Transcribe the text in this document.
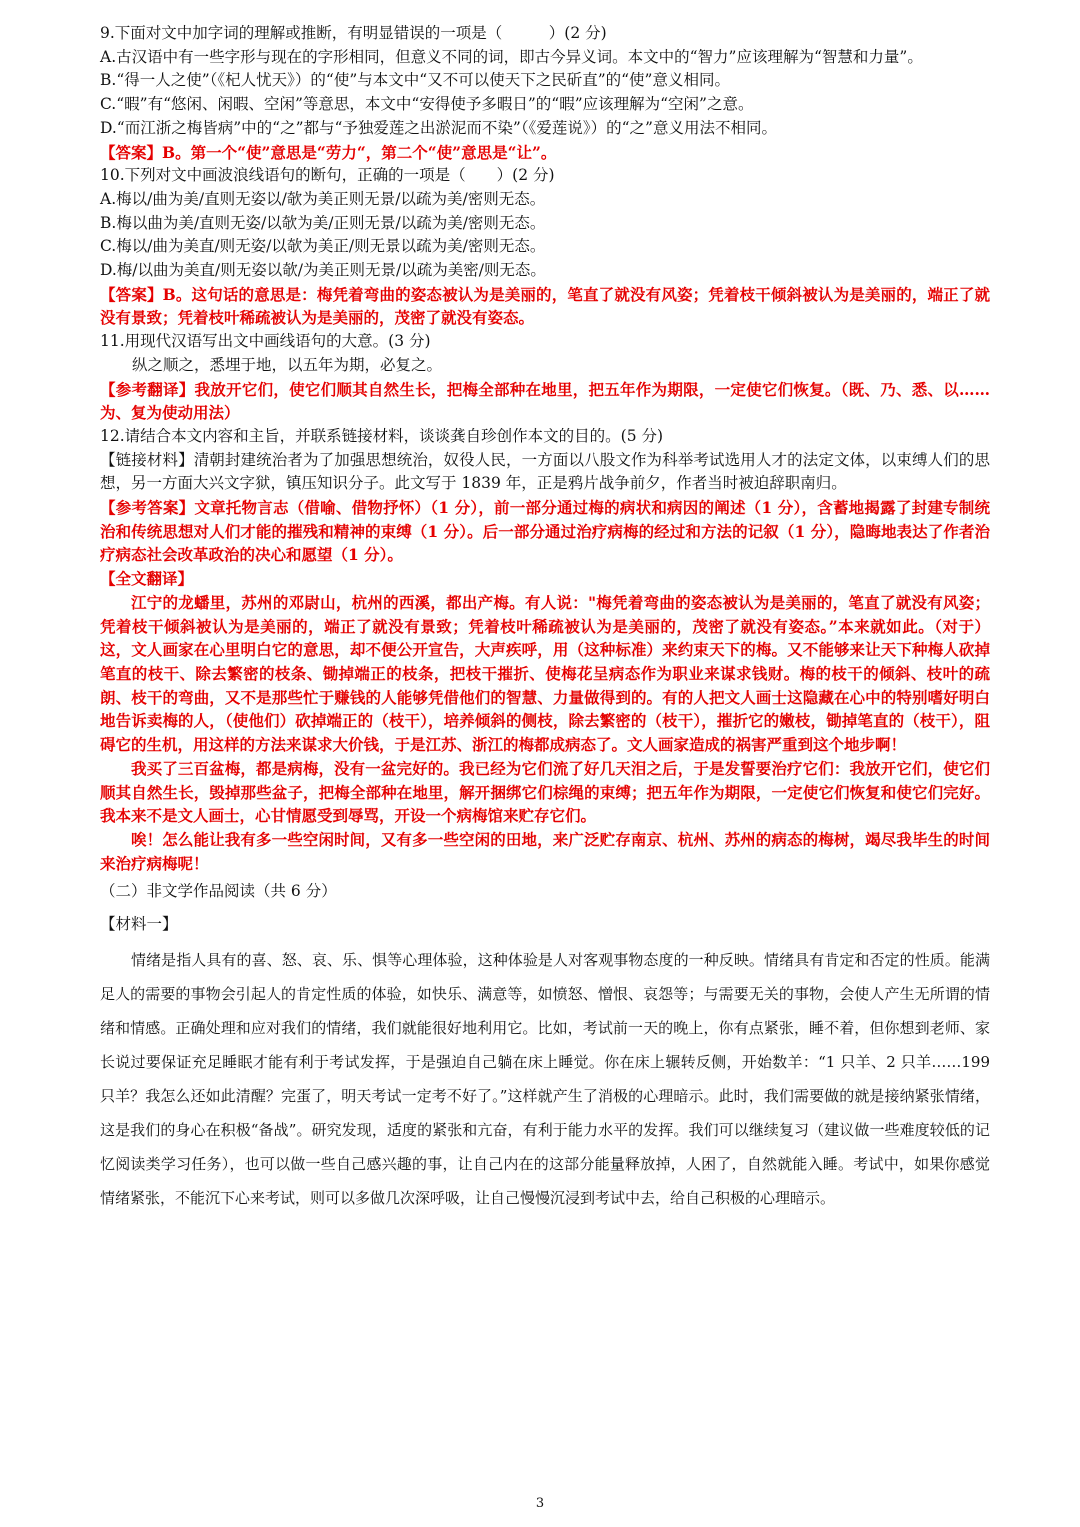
9.下面对文中加字词的理解或推断，有明显错误的一项是（　　　）(2 分)
A.古汉语中有一些字形与现在的字形相同，但意义不同的词，即古今异义词。本文中的“智力”应该理解为“智慧和力量”。
B.“得一人之使”（《杞人忧天》）的“使”与本文中“又不可以使天下之民斫直”的“使”意义相同。
C.“暇”有“悠闲、闲暇、空闲”等意思，本文中“安得使予多暇日”的“暇”应该理解为“空闲”之意。
D.“而江浙之梅皆病”中的“之”都与“予独爱莲之出淤泥而不染”（《爱莲说》）的“之”意义用法不相同。
【答案】B。第一个“使”意思是“劳力“，第二个“使”意思是“让”。
10.下列对文中画波浪线语句的断句，正确的一项是（　　）(2 分)
A.梅以/曲为美/直则无姿以/欹为美正则无景/以疏为美/密则无态。
B.梅以曲为美/直则无姿/以欹为美/正则无景/以疏为美/密则无态。
C.梅以/曲为美直/则无姿/以欹为美正/则无景以疏为美/密则无态。
D.梅/以曲为美直/则无姿以欹/为美正则无景/以疏为美密/则无态。
【答案】B。这句话的意思是：梅凭着弯曲的姿态被认为是美丽的，笔直了就没有风姿；凭着枝干倾斜被认为是美丽的，端正了就没有景致；凭着枝叶稀疏被认为是美丽的，茂密了就没有姿态。
11.用现代汉语写出文中画线语句的大意。(3 分)
纵之顺之，悉埋于地，以五年为期，必复之。
【参考翻译】我放开它们，使它们顺其自然生长，把梅全部种在地里，把五年作为期限，一定使它们恢复。（既、乃、悉、以……为、复为使动用法）
12.请结合本文内容和主旨，并联系链接材料，谈谈龚自珍创作本文的目的。(5 分)
【链接材料】清朝封建统治者为了加强思想统治，奴役人民，一方面以八股文作为科举考试选用人才的法定文体，以束缚人们的思想，另一方面大兴文字狱，镇压知识分子。此文写于 1839 年，正是鸦片战争前夕，作者当时被迫辞职南归。
【参考答案】文章托物言志（借喻、借物抒怀）（1 分），前一部分通过梅的病状和病因的阐述（1 分），含蓄地揭露了封建专制统治和传统思想对人们才能的摧残和精神的束缚（1 分）。后一部分通过治疗病梅的经过和方法的记叙（1 分），隐晦地表达了作者治疗病态社会改革政治的决心和愿望（1 分）。
【全文翻译】
江宁的龙蟠里，苏州的邓尉山，杭州的西溪，都出产梅。有人说："梅凭着弯曲的姿态被认为是美丽的，笔直了就没有风姿；凭着枝干倾斜被认为是美丽的，端正了就没有景致；凭着枝叶稀疏被认为是美丽的，茂密了就没有姿态。”本来就如此。（对于）这，文人画家在心里明白它的意思，却不便公开宣告，大声疾呼，用（这种标准）来约束天下的梅。又不能够来让天下种梅人砍掉笔直的枝干、除去繁密的枝条、锄掉端正的枝条，把枝干摧折、使梅花呈病态作为职业来谋求钱财。梅的枝干的倾斜、枝叶的疏朗、枝干的弯曲，又不是那些忙于赚钱的人能够凭借他们的智慧、力量做得到的。有的人把文人画士这隐藏在心中的特别嗜好明白地告诉卖梅的人，（使他们）砍掉端正的（枝干），培养倾斜的侧枝，除去繁密的（枝干），摧折它的嫩枝，锄掉笔直的（枝干），阻碍它的生机，用这样的方法来谋求大价钱，于是江苏、浙江的梅都成病态了。文人画家造成的祸害严重到这个地步啊！
我买了三百盆梅，都是病梅，没有一盆完好的。我已经为它们流了好几天泪之后，于是发誓要治疗它们：我放开它们，使它们顺其自然生长，毁掉那些盆子，把梅全部种在地里，解开捆绑它们棕绳的束缚；把五年作为期限，一定使它们恢复和使它们完好。我本来不是文人画士，心甘情愿受到辱骂，开设一个病梅馆来贮存它们。
唉！怎么能让我有多一些空闲时间，又有多一些空闲的田地，来广泛贮存南京、杭州、苏州的病态的梅树，竭尽我毕生的时间来治疗病梅呢！
（二）非文学作品阅读（共 6 分）
【材料一】
情绪是指人具有的喜、怒、哀、乐、惧等心理体验，这种体验是人对客观事物态度的一种反映。情绪具有肯定和否定的性质。能满足人的需要的事物会引起人的肯定性质的体验，如快乐、满意等，如愤怒、憎恨、哀怨等；与需要无关的事物，会使人产生无所谓的情绪和情感。正确处理和应对我们的情绪，我们就能很好地利用它。比如，考试前一天的晚上，你有点紧张，睡不着，但你想到老师、家长说过要保证充足睡眠才能有利于考试发挥，于是强迫自己躺在床上睡觉。你在床上辗转反侧，开始数羊：“1 只羊、2 只羊……199 只羊？我怎么还如此清醒？完蛋了，明天考试一定考不好了。”这样就产生了消极的心理暗示。此时，我们需要做的就是接纳紧张情绪，这是我们的身心在积极“备战”。研究发现，适度的紧张和亢奋，有利于能力水平的发挥。我们可以继续复习（建议做一些难度较低的记忆阅读类学习任务），也可以做一些自己感兴趣的事，让自己内在的这部分能量释放掉，人困了，自然就能入睡。考试中，如果你感觉情绪紧张，不能沉下心来考试，则可以多做几次深呼吸，让自己慢慢沉浸到考试中去，给自己积极的心理暗示。
3
